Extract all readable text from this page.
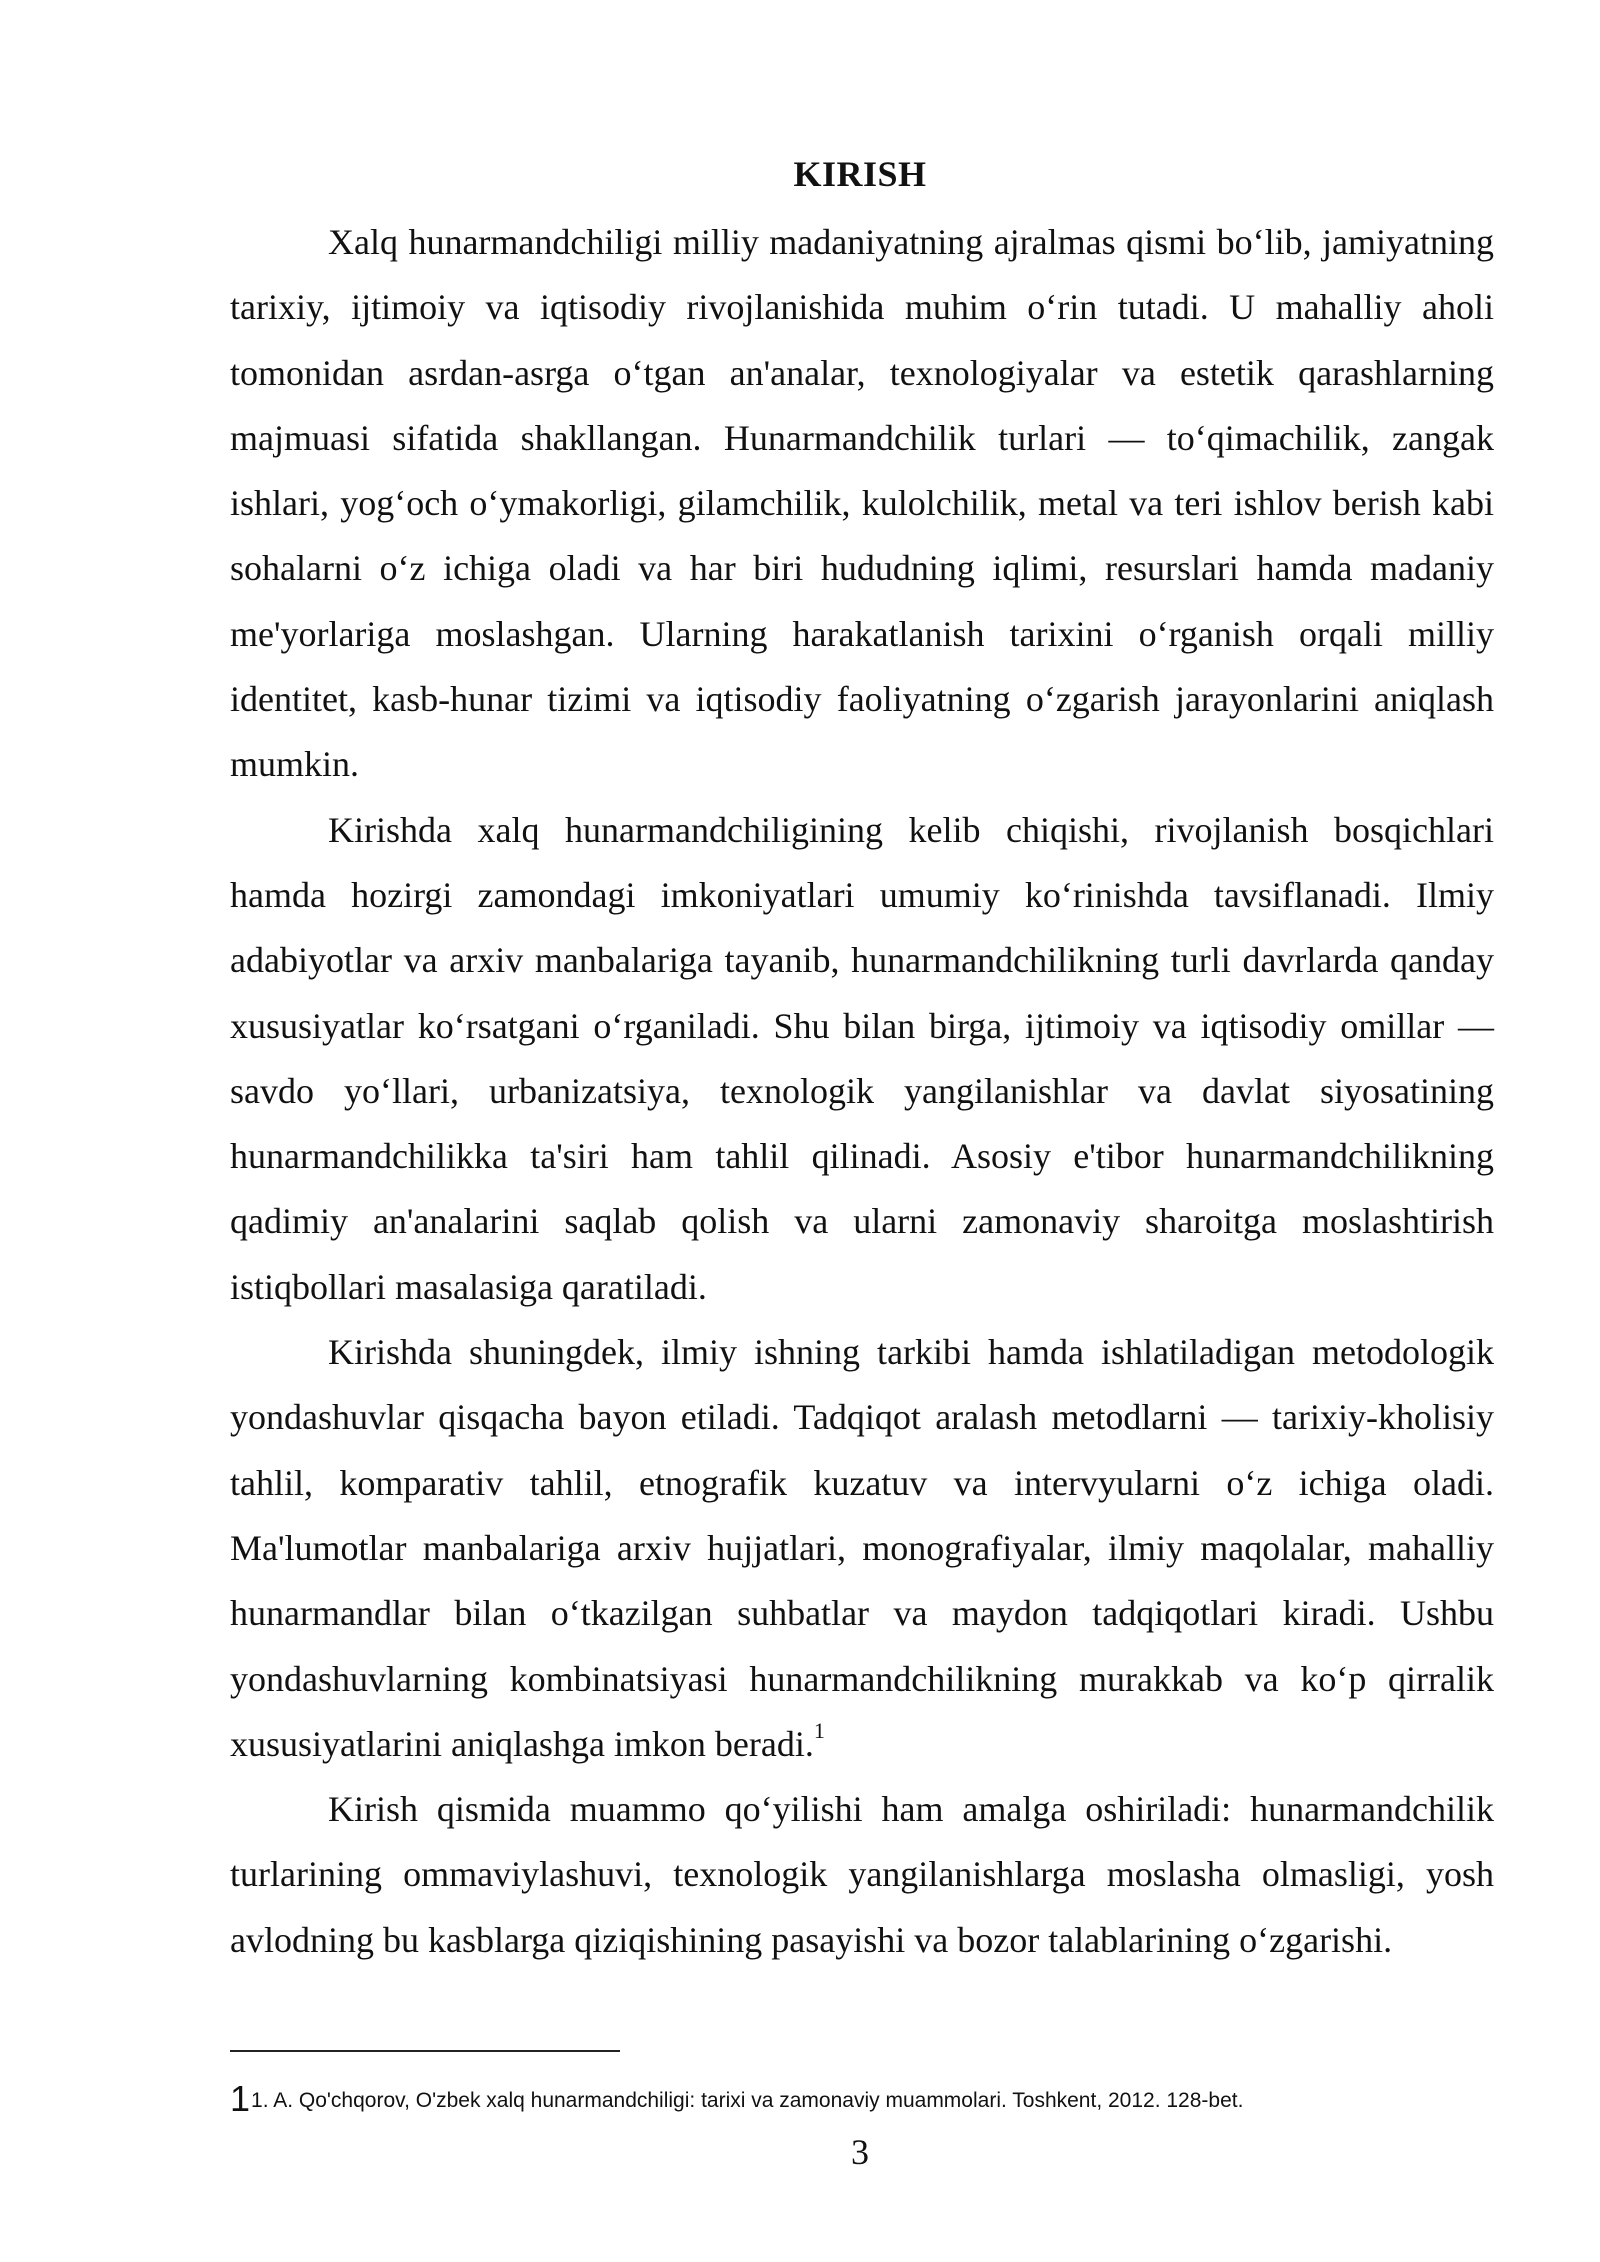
KIRISH

Xalq hunarmandchiligi milliy madaniyatning ajralmas qismi bo‘lib, jamiyatning tarixiy, ijtimoiy va iqtisodiy rivojlanishida muhim o‘rin tutadi. U mahalliy aholi tomonidan asrdan-asrga o‘tgan an'analar, texnologiyalar va estetik qarashlarning majmuasi sifatida shakllangan. Hunarmandchilik turlari — to‘qimachilik, zangak ishlari, yog‘och o‘ymakorligi, gilamchilik, kulolchilik, metal va teri ishlov berish kabi sohalarni o‘z ichiga oladi va har biri hududning iqlimi, resurslari hamda madaniy me'yorlariga moslashgan. Ularning harakatlanish tarixini o‘rganish orqali milliy identitet, kasb-hunar tizimi va iqtisodiy faoliyatning o‘zgarish jarayonlarini aniqlash mumkin.

Kirishda xalq hunarmandchiligining kelib chiqishi, rivojlanish bosqichlari hamda hozirgi zamondagi imkoniyatlari umumiy ko‘rinishda tavsiflanadi. Ilmiy adabiyotlar va arxiv manbalariga tayanib, hunarmandchilikning turli davrlarda qanday xususiyatlar ko‘rsatgani o‘rganiladi. Shu bilan birga, ijtimoiy va iqtisodiy omillar — savdo yo‘llari, urbanizatsiya, texnologik yangilanishlar va davlat siyosatining hunarmandchilikka ta'siri ham tahlil qilinadi. Asosiy e'tibor hunarmandchilikning qadimiy an'analarini saqlab qolish va ularni zamonaviy sharoitga moslashtirish istiqbollari masalasiga qaratiladi.

Kirishda shuningdek, ilmiy ishning tarkibi hamda ishlatiladigan metodologik yondashuvlar qisqacha bayon etiladi. Tadqiqot aralash metodlarni — tarixiy-kholisiy tahlil, komparativ tahlil, etnografik kuzatuv va intervyularni o‘z ichiga oladi. Ma'lumotlar manbalariga arxiv hujjatlari, monografiyalar, ilmiy maqolalar, mahalliy hunarmandlar bilan o‘tkazilgan suhbatlar va maydon tadqiqotlari kiradi. Ushbu yondashuvlarning kombinatsiyasi hunarmandchilikning murakkab va ko‘p qirralik xususiyatlarini aniqlashga imkon beradi.$^1$

Kirish qismida muammo qo‘yilishi ham amalga oshiriladi: hunarmandchilik turlarining ommaviylashuvi, texnologik yangilanishlarga moslasha olmasligi, yosh avlodning bu kasblarga qiziqishining pasayishi va bozor talablarining o‘zgarishi.

11. A. Qo'chqorov, O'zbek xalq hunarmandchiligi: tarixi va zamonaviy muammolari. Toshkent, 2012. 128-bet.
3
